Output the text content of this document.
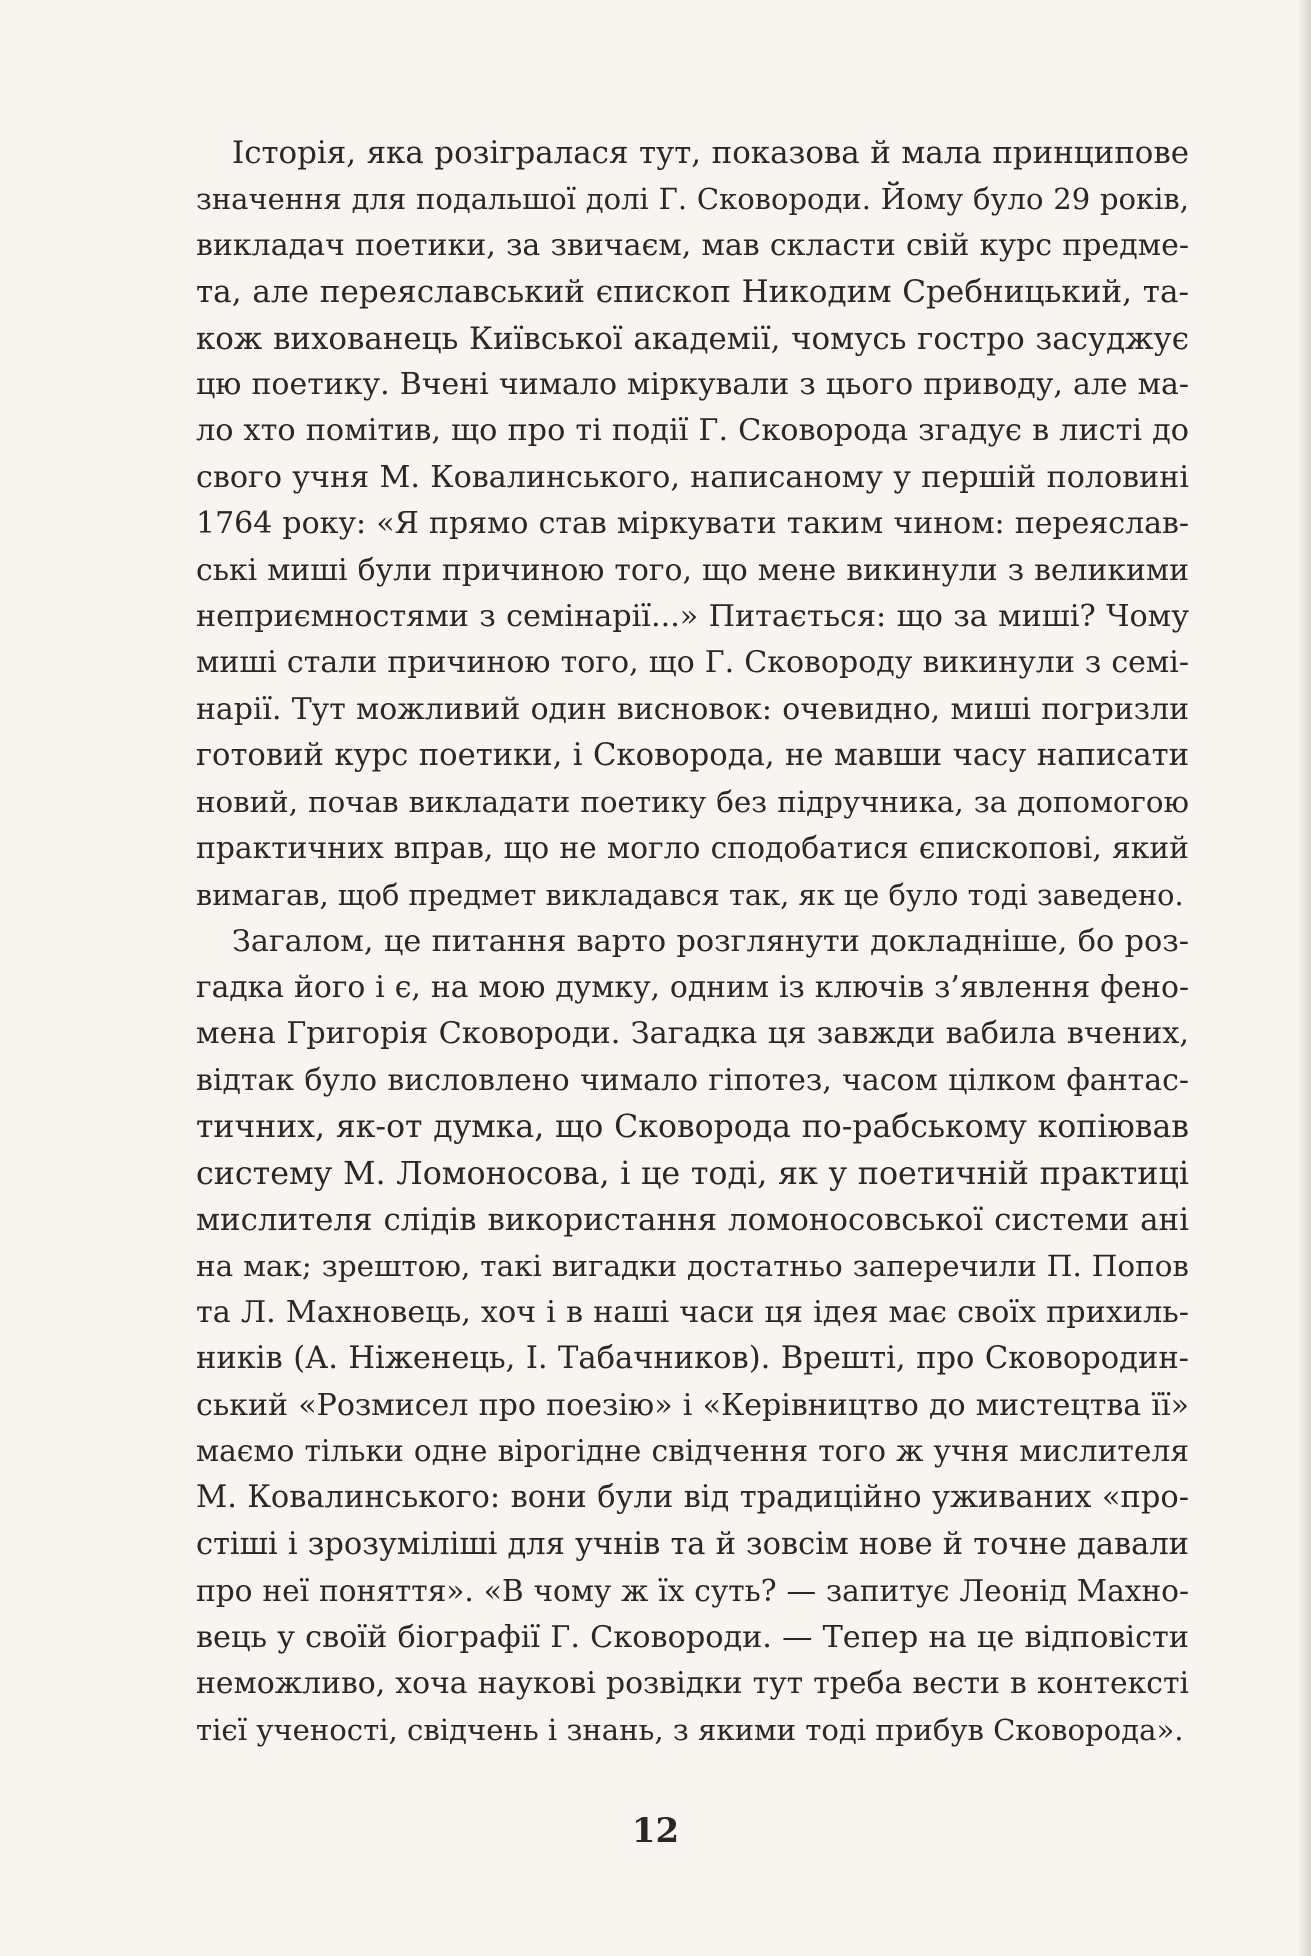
Історія, яка розігралася тут, показова й мала принципове
значення для подальшої долі Г. Сковороди. Йому було 29 років,
викладач поетики, за звичаєм, мав скласти свій курс предме-
та, але переяславський єпископ Никодим Сребницький, та-
кож вихованець Київської академії, чомусь гостро засуджує
цю поетику. Вчені чимало міркували з цього приводу, але ма-
ло хто помітив, що про ті події Г. Сковорода згадує в листі до
свого учня М. Ковалинського, написаному у першій половині
1764 року: «Я прямо став міркувати таким чином: переяслав-
ські миші були причиною того, що мене викинули з великими
неприємностями з семінарії...» Питається: що за миші? Чому
миші стали причиною того, що Г. Сковороду викинули з семі-
нарії. Тут можливий один висновок: очевидно, миші погризли
готовий курс поетики, і Сковорода, не мавши часу написати
новий, почав викладати поетику без підручника, за допомогою
практичних вправ, що не могло сподобатися єпископові, який
вимагав, щоб предмет викладався так, як це було тоді заведено.
Загалом, це питання варто розглянути докладніше, бо роз-
гадка його і є, на мою думку, одним із ключів з’явлення фено-
мена Григорія Сковороди. Загадка ця завжди вабила вчених,
відтак було висловлено чимало гіпотез, часом цілком фантас-
тичних, як-от думка, що Сковорода по-рабському копіював
систему М. Ломоносова, і це тоді, як у поетичній практиці
мислителя слідів використання ломоносовської системи ані
на мак; зрештою, такі вигадки достатньо заперечили П. Попов
та Л. Махновець, хоч і в наші часи ця ідея має своїх прихиль-
ників (А. Ніженець, І. Табачников). Врешті, про Сковородин-
ський «Розмисел про поезію» і «Керівництво до мистецтва її»
маємо тільки одне вірогідне свідчення того ж учня мислителя
М. Ковалинського: вони були від традиційно уживаних «про-
стіші і зрозуміліші для учнів та й зовсім нове й точне давали
про неї поняття». «В чому ж їх суть? — запитує Леонід Махно-
вець у своїй біографії Г. Сковороди. — Тепер на це відповісти
неможливо, хоча наукові розвідки тут треба вести в контексті
тієї ученості, свідчень і знань, з якими тоді прибув Сковорода».
12
